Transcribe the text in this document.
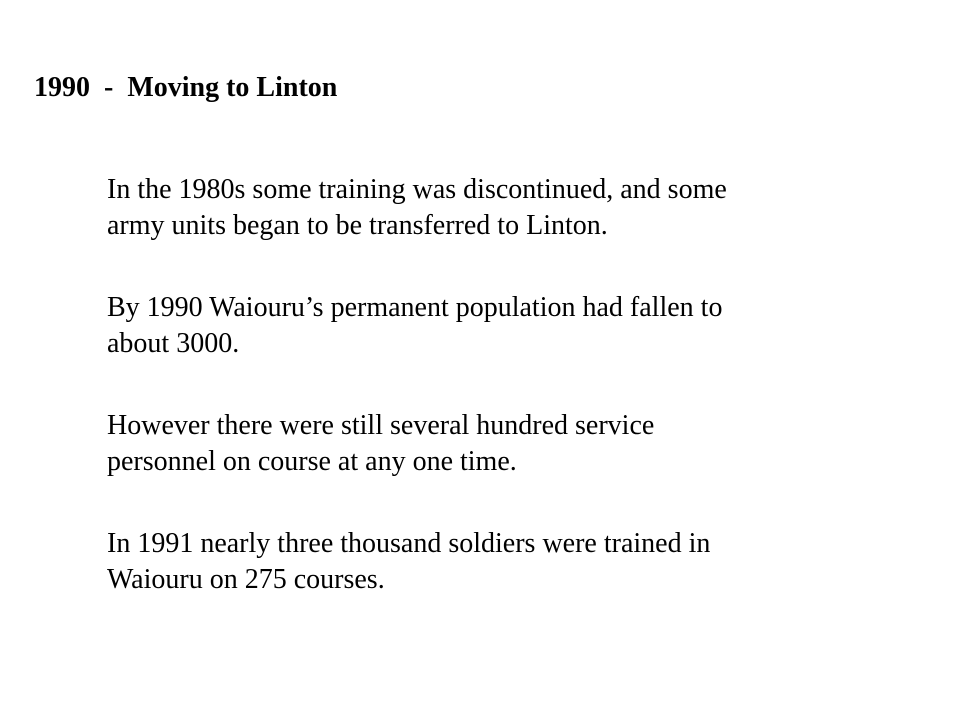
1990  -  Moving to Linton

In the 1980s some training was discontinued, and some
army units began to be transferred to Linton.

By 1990 Waiouru’s permanent population had fallen to
about 3000.

However there were still several hundred service
personnel on course at any one time.

In 1991 nearly three thousand soldiers were trained in
Waiouru on 275 courses.
